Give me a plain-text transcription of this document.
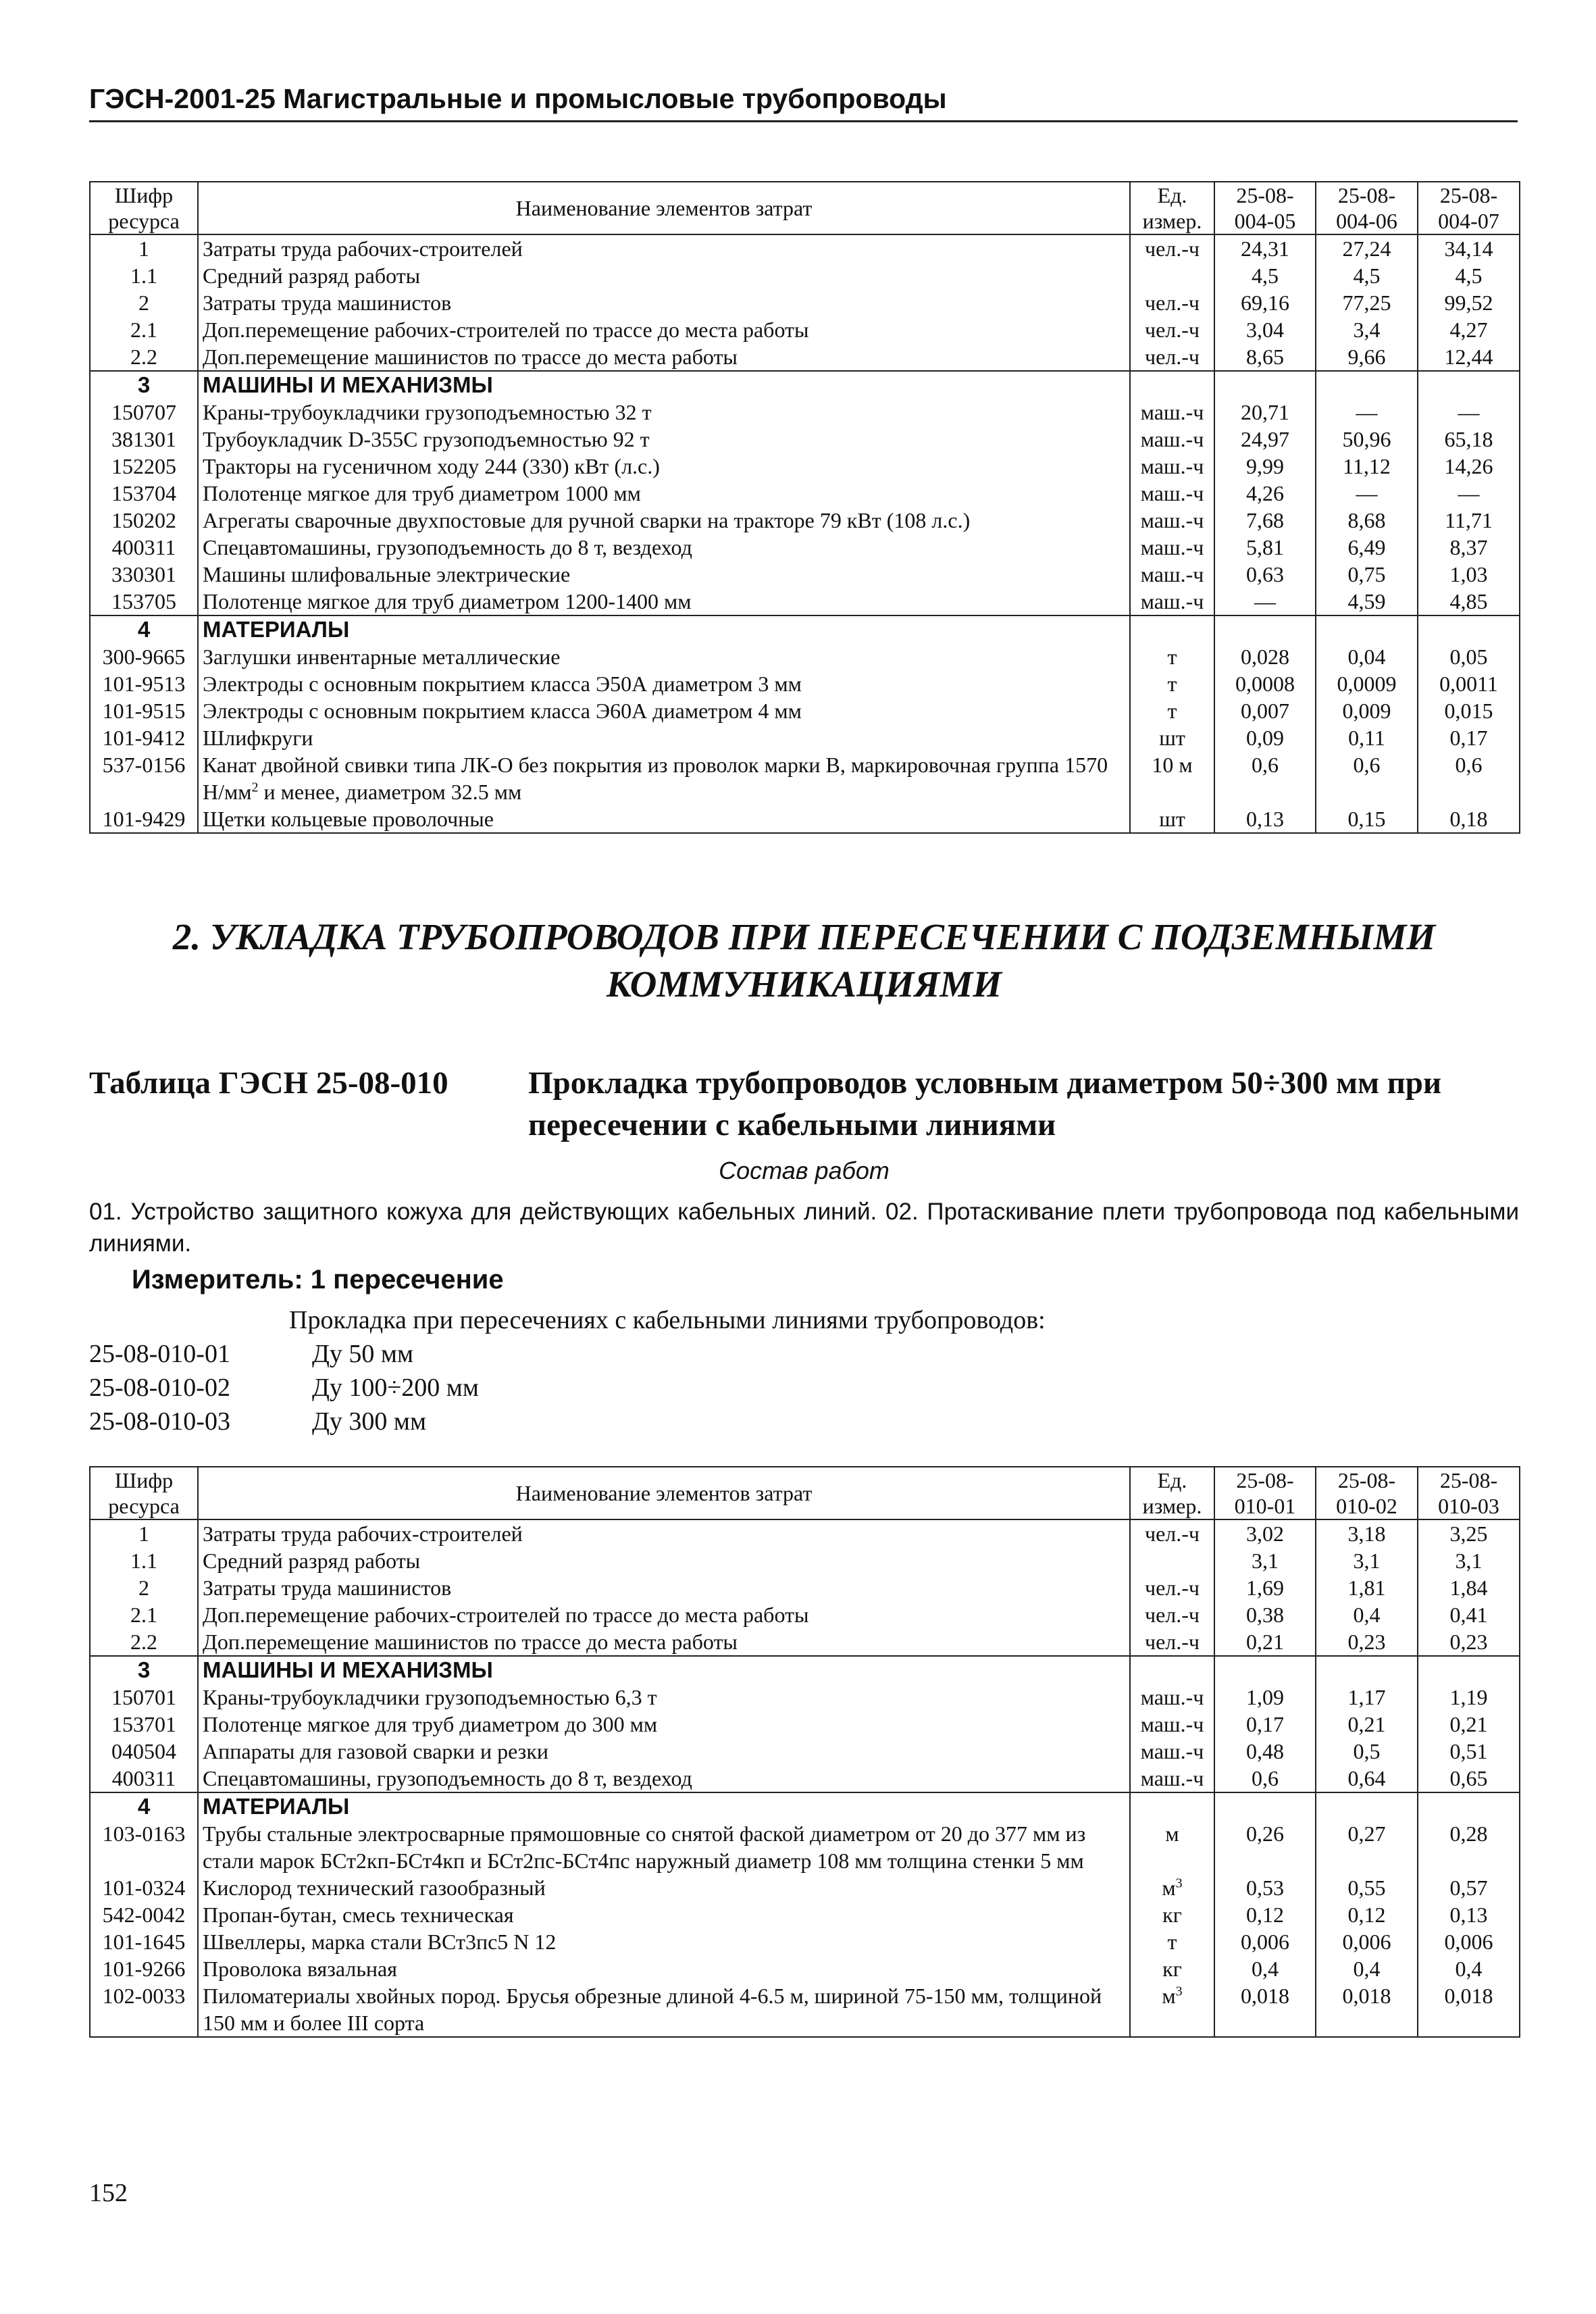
ГЭСН-2001-25 Магистральные и промысловые трубопроводы
Шифр ресурса	Наименование элементов затрат	Ед. измер.	25-08-004-05	25-08-004-06	25-08-004-07
1	Затраты труда рабочих-строителей	чел.-ч	24,31	27,24	34,14
1.1	Средний разряд работы		4,5	4,5	4,5
2	Затраты труда машинистов	чел.-ч	69,16	77,25	99,52
2.1	Доп.перемещение рабочих-строителей по трассе до места работы	чел.-ч	3,04	3,4	4,27
2.2	Доп.перемещение машинистов по трассе до места работы	чел.-ч	8,65	9,66	12,44
3	МАШИНЫ И МЕХАНИЗМЫ				
150707	Краны-трубоукладчики грузоподъемностью 32 т	маш.-ч	20,71	—	—
381301	Трубоукладчик D-355C грузоподъемностью 92 т	маш.-ч	24,97	50,96	65,18
152205	Тракторы на гусеничном ходу 244 (330) кВт (л.с.)	маш.-ч	9,99	11,12	14,26
153704	Полотенце мягкое для труб диаметром 1000 мм	маш.-ч	4,26	—	—
150202	Агрегаты сварочные двухпостовые для ручной сварки на тракторе 79 кВт (108 л.с.)	маш.-ч	7,68	8,68	11,71
400311	Спецавтомашины, грузоподъемность до 8 т, вездеход	маш.-ч	5,81	6,49	8,37
330301	Машины шлифовальные электрические	маш.-ч	0,63	0,75	1,03
153705	Полотенце мягкое для труб диаметром 1200-1400 мм	маш.-ч	—	4,59	4,85
4	МАТЕРИАЛЫ				
300-9665	Заглушки инвентарные металлические	т	0,028	0,04	0,05
101-9513	Электроды с основным покрытием класса Э50А диаметром 3 мм	т	0,0008	0,0009	0,0011
101-9515	Электроды с основным покрытием класса Э60А диаметром 4 мм	т	0,007	0,009	0,015
101-9412	Шлифкруги	шт	0,09	0,11	0,17
537-0156	Канат двойной свивки типа ЛК-О без покрытия из проволок марки В, маркировочная группа 1570 $Н/мм^2$ и менее, диаметром 32.5 мм	10 м	0,6	0,6	0,6
101-9429	Щетки кольцевые проволочные	шт	0,13	0,15	0,18
2. УКЛАДКА ТРУБОПРОВОДОВ ПРИ ПЕРЕСЕЧЕНИИ С ПОДЗЕМНЫМИ КОММУНИКАЦИЯМИ
Таблица ГЭСН 25-08-010	Прокладка трубопроводов условным диаметром 50÷300 мм при пересечении с кабельными линиями
Состав работ
01. Устройство защитного кожуха для действующих кабельных линий. 02. Протаскивание плети трубопровода под кабельными линиями.
Измеритель: 1 пересечение
Прокладка при пересечениях с кабельными линиями трубопроводов:
25-08-010-01	Ду 50 мм
25-08-010-02	Ду 100÷200 мм
25-08-010-03	Ду 300 мм
Шифр ресурса	Наименование элементов затрат	Ед. измер.	25-08-010-01	25-08-010-02	25-08-010-03
1	Затраты труда рабочих-строителей	чел.-ч	3,02	3,18	3,25
1.1	Средний разряд работы		3,1	3,1	3,1
2	Затраты труда машинистов	чел.-ч	1,69	1,81	1,84
2.1	Доп.перемещение рабочих-строителей по трассе до места работы	чел.-ч	0,38	0,4	0,41
2.2	Доп.перемещение машинистов по трассе до места работы	чел.-ч	0,21	0,23	0,23
3	МАШИНЫ И МЕХАНИЗМЫ				
150701	Краны-трубоукладчики грузоподъемностью 6,3 т	маш.-ч	1,09	1,17	1,19
153701	Полотенце мягкое для труб диаметром до 300 мм	маш.-ч	0,17	0,21	0,21
040504	Аппараты для газовой сварки и резки	маш.-ч	0,48	0,5	0,51
400311	Спецавтомашины, грузоподъемность до 8 т, вездеход	маш.-ч	0,6	0,64	0,65
4	МАТЕРИАЛЫ				
103-0163	Трубы стальные электросварные прямошовные со снятой фаской диаметром от 20 до 377 мм из стали марок БСт2кп-БСт4кп и БСт2пс-БСт4пс наружный диаметр 108 мм толщина стенки 5 мм	м	0,26	0,27	0,28
101-0324	Кислород технический газообразный	$м^3$	0,53	0,55	0,57
542-0042	Пропан-бутан, смесь техническая	кг	0,12	0,12	0,13
101-1645	Швеллеры, марка стали ВСт3пс5 N 12	т	0,006	0,006	0,006
101-9266	Проволока вязальная	кг	0,4	0,4	0,4
102-0033	Пиломатериалы хвойных пород. Брусья обрезные длиной 4-6.5 м, шириной 75-150 мм, толщиной 150 мм и более III сорта	$м^3$	0,018	0,018	0,018
152
